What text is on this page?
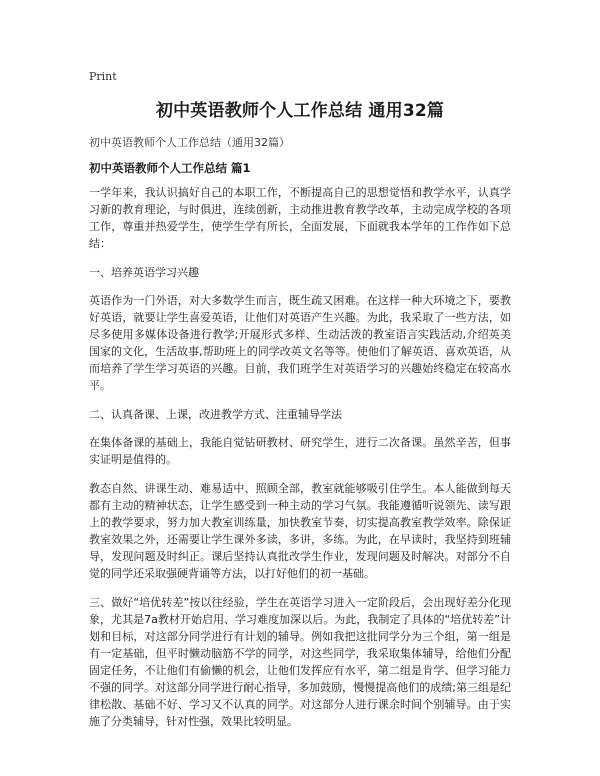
Print
初中英语教师个人工作总结 通用32篇
初中英语教师个人工作总结（通用32篇）
初中英语教师个人工作总结 篇1

一学年来，我认识搞好自己的本职工作，不断提高自己的思想觉悟和教学水平，认真学习新的教育理论，与时俱进，连续创新，主动推进教育教学改革，主动完成学校的各项工作，尊重并热爱学生，使学生学有所长，全面发展，下面就我本学年的工作作如下总结：

一、培养英语学习兴趣

英语作为一门外语，对大多数学生而言，既生疏又困难。在这样一种大环境之下，要教好英语，就要让学生喜爱英语，让他们对英语产生兴趣。为此，我采取了一些方法，如尽多使用多媒体设备进行教学;开展形式多样、生动活泼的教室语言实践活动,介绍英美国家的文化，生活故事,帮助班上的同学改英文名等等。使他们了解英语、喜欢英语，从而培养了学生学习英语的兴趣。目前，我们班学生对英语学习的兴趣始终稳定在较高水平。

二、认真备课、上课，改进教学方式、注重辅导学法

在集体备课的基础上，我能自觉钻研教材、研究学生，进行二次备课。虽然辛苦，但事实证明是值得的。

教态自然、讲课生动、难易适中、照顾全部，教室就能够吸引住学生。本人能做到每天都有主动的精神状态，让学生感受到一种主动的学习气氛。我能遵循听说领先、读写跟上的教学要求，努力加大教室训练量，加快教室节奏，切实提高教室教学效率。除保证教室效果之外，还需要让学生课外多读，多讲，多练。为此，在早读时，我坚持到班辅导，发现问题及时纠正。课后坚持认真批改学生作业，发现问题及时解决。对部分不自觉的同学还采取强硬背诵等方法，以打好他们的初一基础。

三、做好“培优转差”按以往经验，学生在英语学习进入一定阶段后，会出现好差分化现象，尤其是7a教材开始启用、学习难度加深以后。为此，我制定了具体的“培优转差”计划和目标，对这部分同学进行有计划的辅导。例如我把这批同学分为三个组，第一组是有一定基础，但平时懒动脑筋不学的同学，对这些同学，我采取集体辅导，给他们分配固定任务，不让他们有偷懒的机会，让他们发挥应有水平，第二组是肯学、但学习能力不强的同学。对这部分同学进行耐心指导，多加鼓励，慢慢提高他们的成绩;第三组是纪律松散、基础不好、学习又不认真的同学。对这部分人进行课余时间个别辅导。由于实施了分类辅导，针对性强，效果比较明显。
